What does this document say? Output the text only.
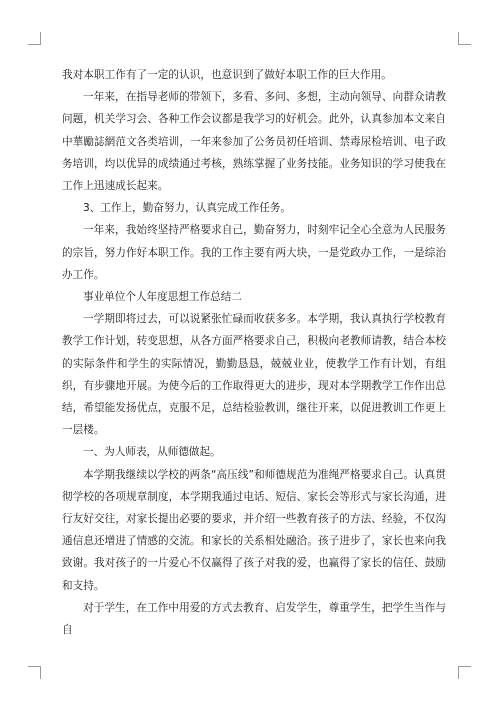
我对本职工作有了一定的认识，也意识到了做好本职工作的巨大作用。

一年来，在指导老师的带领下，多看、多问、多想，主动向领导、向群众请教问题，机关学习会、各种工作会议都是我学习的好机会。此外，认真参加本文来自中華勵誌網范文各类培训，一年来参加了公务员初任培训、禁毒尿检培训、电子政务培训，均以优异的成绩通过考核，熟练掌握了业务技能。业务知识的学习使我在工作上迅速成长起来。

3、工作上，勤奋努力，认真完成工作任务。

一年来，我始终坚持严格要求自己，勤奋努力，时刻牢记全心全意为人民服务的宗旨，努力作好本职工作。我的工作主要有两大块，一是党政办工作，一是综治办工作。

事业单位个人年度思想工作总结二

一学期即将过去，可以说紧张忙碌而收获多多。本学期，我认真执行学校教育教学工作计划，转变思想，从各方面严格要求自己，积极向老教师请教，结合本校的实际条件和学生的实际情况，勤勤恳恳，兢兢业业，使教学工作有计划，有组织，有步骤地开展。为使今后的工作取得更大的进步，现对本学期教学工作作出总结，希望能发扬优点，克服不足，总结检验教训，继往开来，以促进教训工作更上一层楼。

一、为人师表，从师德做起。

本学期我继续以学校的两条“高压线”和师德规范为准绳严格要求自己。认真贯彻学校的各项规章制度，本学期我通过电话、短信、家长会等形式与家长沟通，进行友好交往，对家长提出必要的要求，并介绍一些教育孩子的方法、经验，不仅沟通信息还增进了情感的交流。和家长的关系相处融洽。孩子进步了，家长也来向我致谢。我对孩子的一片爱心不仅赢得了孩子对我的爱，也赢得了家长的信任、鼓励和支持。

对于学生，在工作中用爱的方式去教育、启发学生，尊重学生，把学生当作与自
